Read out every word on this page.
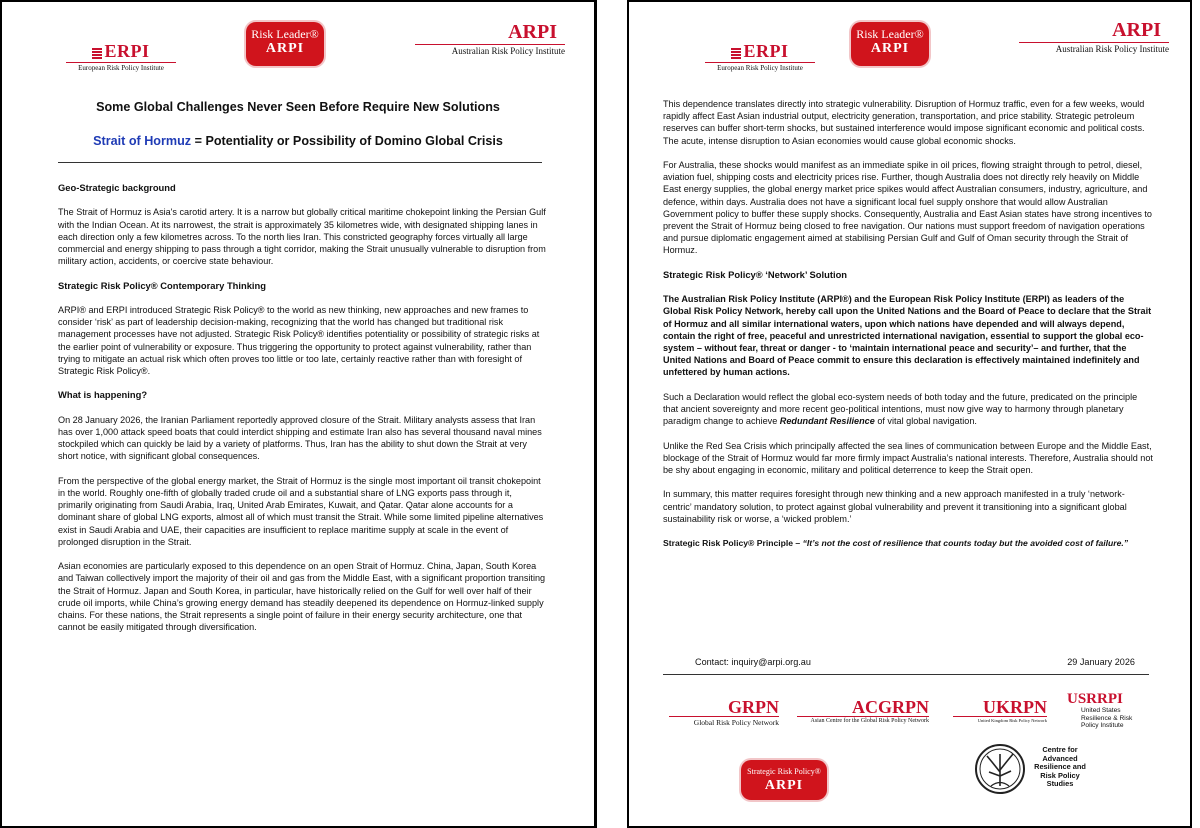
ERPI
European Risk Policy Institute
Risk Leader®
ARPI
ARPI
Australian Risk Policy Institute
Some Global Challenges Never Seen Before Require New Solutions
Strait of Hormuz = Potentiality or Possibility of Domino Global Crisis

Geo-Strategic background

The Strait of Hormuz is Asia's carotid artery. It is a narrow but globally critical maritime chokepoint linking the Persian Gulf with the Indian Ocean. At its narrowest, the strait is approximately 35 kilometres wide, with designated shipping lanes in each direction only a few kilometres across. To the north lies Iran. This constricted geography forces virtually all large commercial and energy shipping to pass through a tight corridor, making the Strait unusually vulnerable to disruption from military action, accidents, or coercive state behaviour.

Strategic Risk Policy® Contemporary Thinking

ARPI® and ERPI introduced Strategic Risk Policy® to the world as new thinking, new approaches and new frames to consider ‘risk’ as part of leadership decision-making, recognizing that the world has changed but traditional risk management processes have not adjusted. Strategic Risk Policy® identifies potentiality or possibility of strategic risks at the earlier point of vulnerability or exposure. Thus triggering the opportunity to protect against vulnerability, rather than trying to mitigate an actual risk which often proves too little or too late, certainly reactive rather than with foresight of Strategic Risk Policy®.

What is happening?

On 28 January 2026, the Iranian Parliament reportedly approved closure of the Strait. Military analysts assess that Iran has over 1,000 attack speed boats that could interdict shipping and estimate Iran also has several thousand naval mines stockpiled which can quickly be laid by a variety of platforms. Thus, Iran has the ability to shut down the Strait at very short notice, with significant global consequences.

From the perspective of the global energy market, the Strait of Hormuz is the single most important oil transit chokepoint in the world. Roughly one-fifth of globally traded crude oil and a substantial share of LNG exports pass through it, primarily originating from Saudi Arabia, Iraq, United Arab Emirates, Kuwait, and Qatar. Qatar alone accounts for a dominant share of global LNG exports, almost all of which must transit the Strait. While some limited pipeline alternatives exist in Saudi Arabia and UAE, their capacities are insufficient to replace maritime supply at scale in the event of prolonged disruption in the Strait.

Asian economies are particularly exposed to this dependence on an open Strait of Hormuz. China, Japan, South Korea and Taiwan collectively import the majority of their oil and gas from the Middle East, with a significant proportion transiting the Strait of Hormuz. Japan and South Korea, in particular, have historically relied on the Gulf for well over half of their crude oil imports, while China’s growing energy demand has steadily deepened its dependence on Hormuz-linked supply chains. For these nations, the Strait represents a single point of failure in their energy security architecture, one that cannot be easily mitigated through diversification.

ERPI
European Risk Policy Institute
Risk Leader®
ARPI
ARPI
Australian Risk Policy Institute

This dependence translates directly into strategic vulnerability. Disruption of Hormuz traffic, even for a few weeks, would rapidly affect East Asian industrial output, electricity generation, transportation, and price stability. Strategic petroleum reserves can buffer short-term shocks, but sustained interference would impose significant economic and political costs. The acute, intense disruption to Asian economies would cause global economic shocks.

For Australia, these shocks would manifest as an immediate spike in oil prices, flowing straight through to petrol, diesel, aviation fuel, shipping costs and electricity prices rise. Further, though Australia does not directly rely heavily on Middle East energy supplies, the global energy market price spikes would affect Australian consumers, industry, agriculture, and defence, within days. Australia does not have a significant local fuel supply onshore that would allow Australian Government policy to buffer these supply shocks. Consequently, Australia and East Asian states have strong incentives to prevent the Strait of Hormuz being closed to free navigation. Our nations must support freedom of navigation operations and pursue diplomatic engagement aimed at stabilising Persian Gulf and Gulf of Oman security through the Strait of Hormuz.

Strategic Risk Policy® ‘Network’ Solution

The Australian Risk Policy Institute (ARPI®) and the European Risk Policy Institute (ERPI) as leaders of the Global Risk Policy Network, hereby call upon the United Nations and the Board of Peace to declare that the Strait of Hormuz and all similar international waters, upon which nations have depended and will always depend, contain the right of free, peaceful and unrestricted international navigation, essential to support the global eco-system – without fear, threat or danger - to ‘maintain international peace and security’– and further, that the United Nations and Board of Peace commit to ensure this declaration is effectively maintained indefinitely and unfettered by human actions.

Such a Declaration would reflect the global eco-system needs of both today and the future, predicated on the principle that ancient sovereignty and more recent geo-political intentions, must now give way to harmony through planetary paradigm change to achieve Redundant Resilience of vital global navigation.

Unlike the Red Sea Crisis which principally affected the sea lines of communication between Europe and the Middle East, blockage of the Strait of Hormuz would far more firmly impact Australia’s national interests. Therefore, Australia should not be shy about engaging in economic, military and political deterrence to keep the Strait open.

In summary, this matter requires foresight through new thinking and a new approach manifested in a truly ‘network-centric’ mandatory solution, to protect against global vulnerability and prevent it transitioning into a significant global sustainability risk or worse, a ‘wicked problem.’

Strategic Risk Policy® Principle – “It’s not the cost of resilience that counts today but the avoided cost of failure.”

Contact: inquiry@arpi.org.au	29 January 2026
GRPN
Global Risk Policy Network
ACGRPN
Asian Centre for the Global Risk Policy Network
UKRPN
United Kingdom Risk Policy Network
USRRPI
United States Resilience & Risk Policy Institute
Strategic Risk Policy®
ARPI
Centre for Advanced Resilience and Risk Policy Studies
